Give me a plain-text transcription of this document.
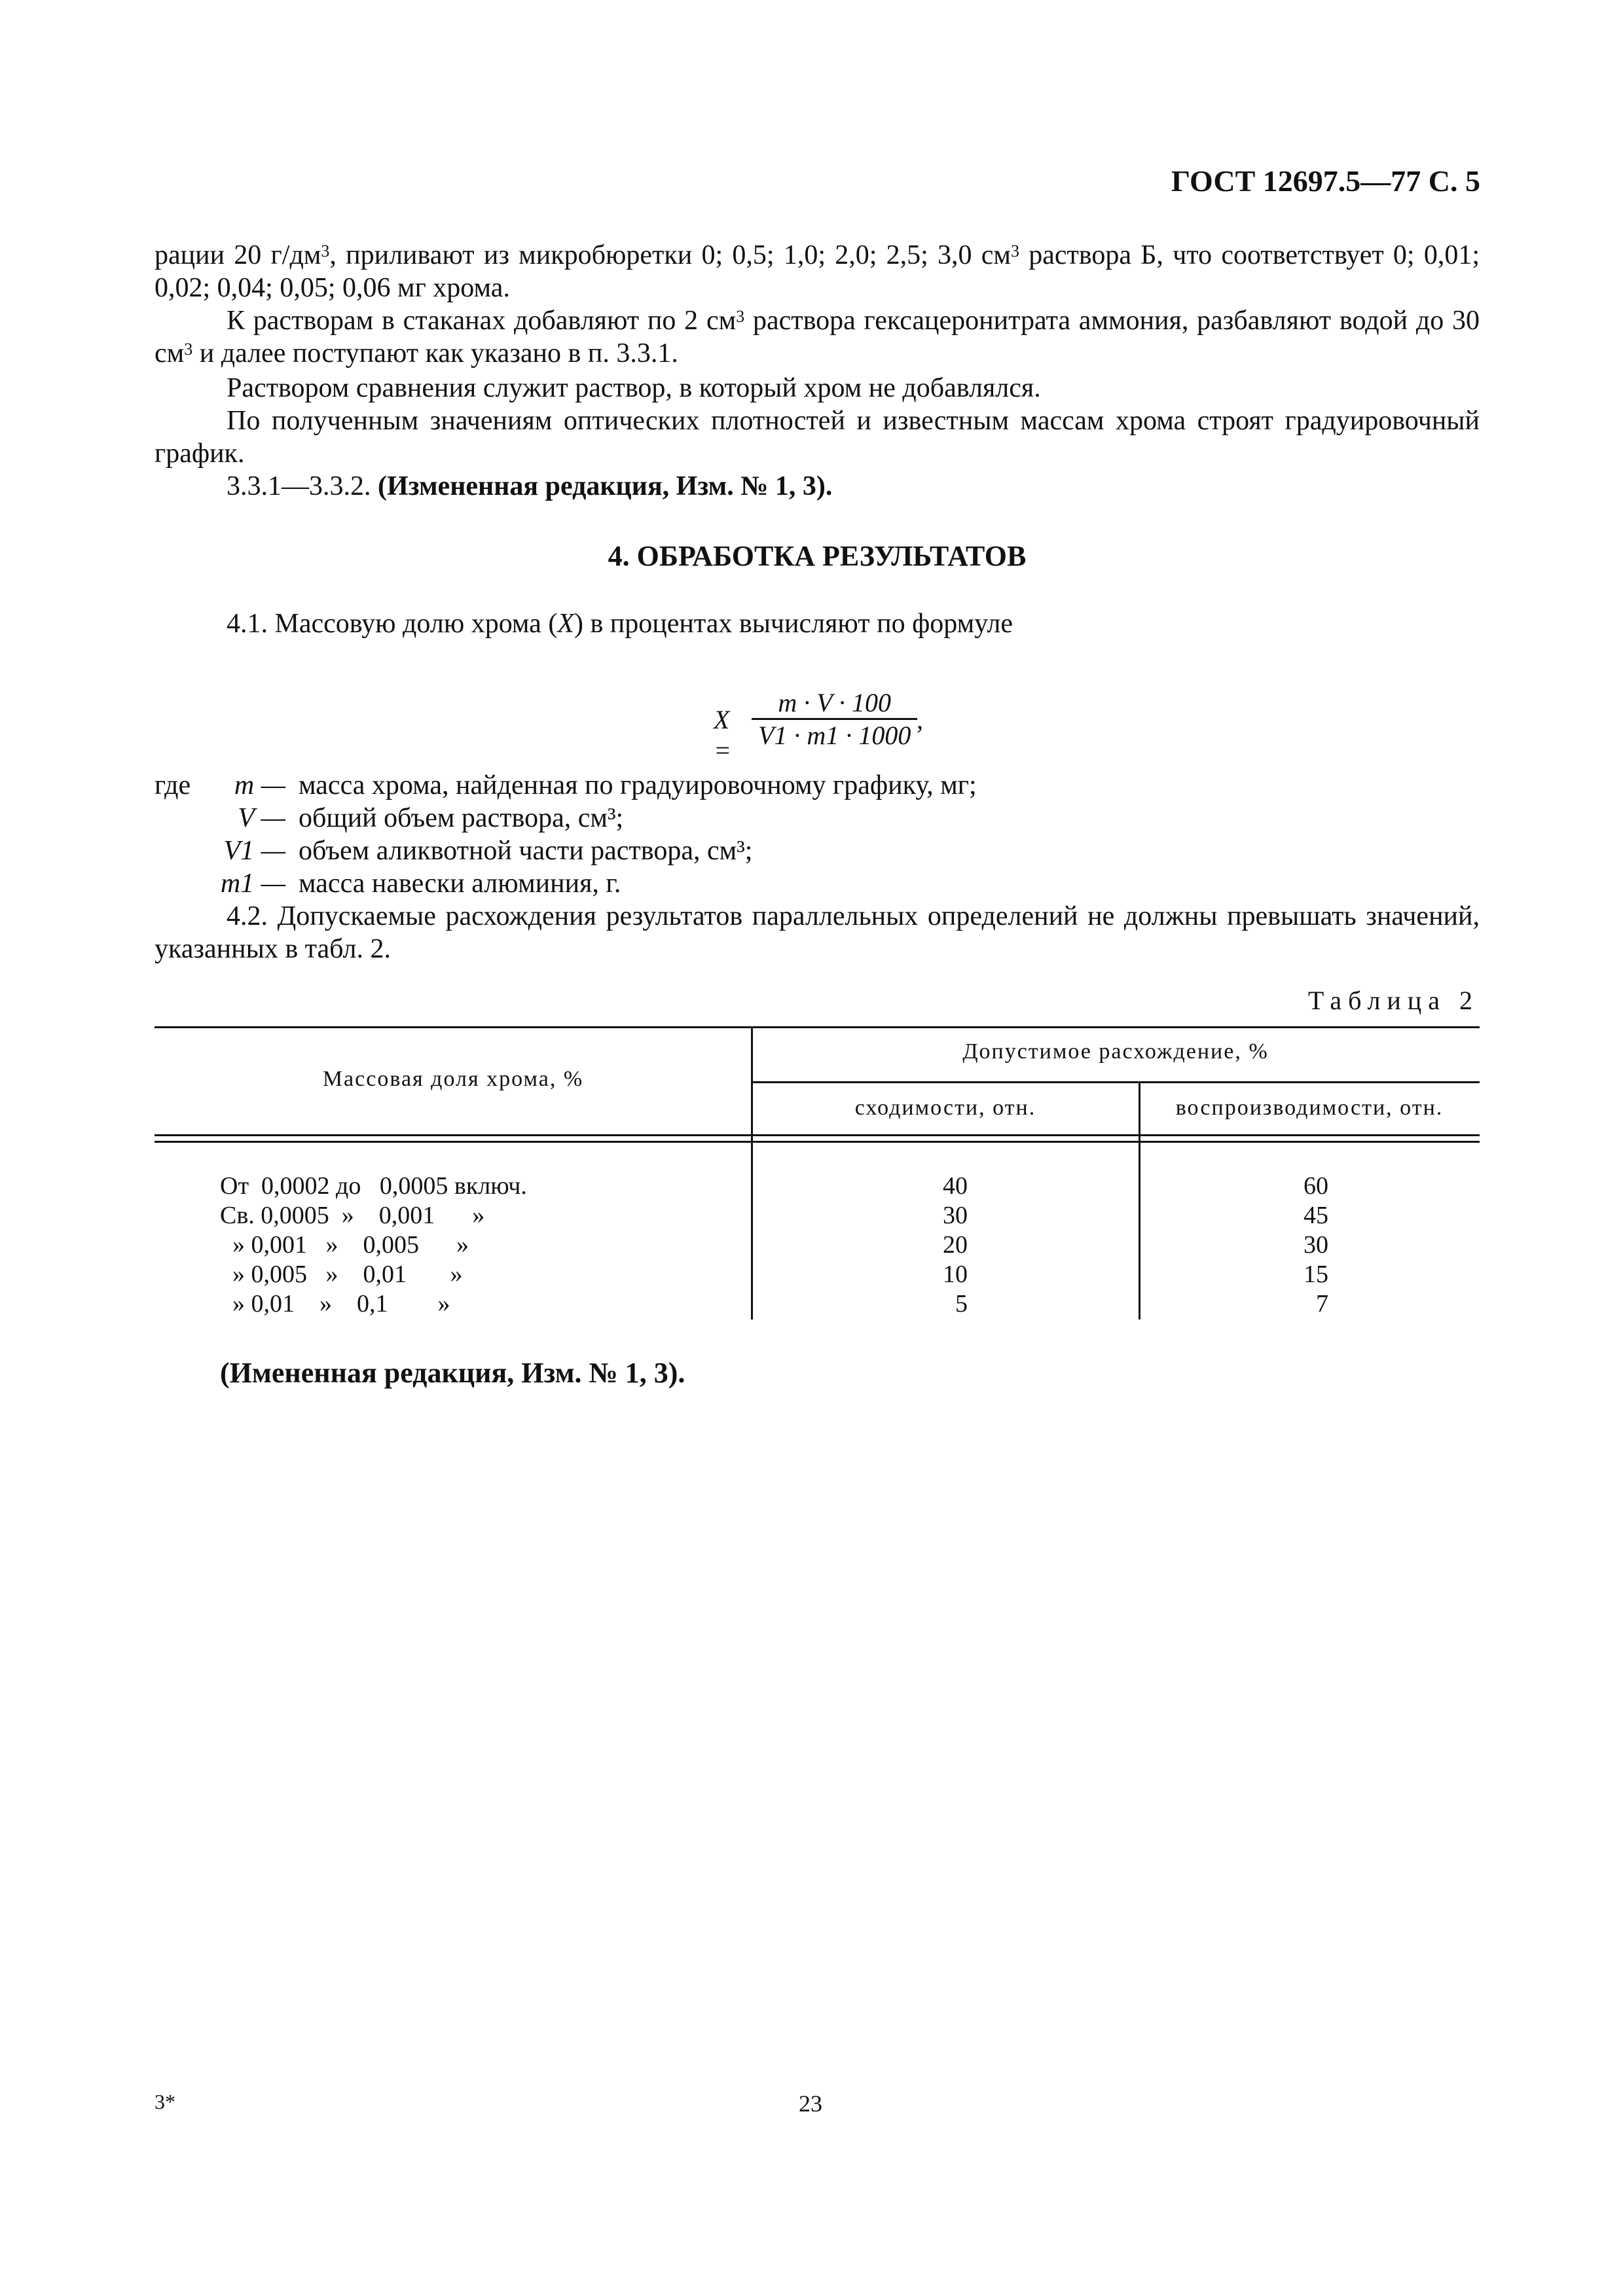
ГОСТ 12697.5—77 С. 5
рации 20 $г/дм^3$, приливают из микробюретки 0; 0,5; 1,0; 2,0; 2,5; 3,0 $см^3$ раствора Б, что соответствует 0; 0,01; 0,02; 0,04; 0,05; 0,06 мг хрома.
К растворам в стаканах добавляют по 2 $см^3$ раствора гексацеронитрата аммония, разбавляют водой до 30 $см^3$ и далее поступают как указано в п. 3.3.1.
Раствором сравнения служит раствор, в который хром не добавлялся.
По полученным значениям оптических плотностей и известным массам хрома строят градуировочный график.
3.3.1—3.3.2. (Измененная редакция, Изм. № 1, 3).
4. ОБРАБОТКА РЕЗУЛЬТАТОВ
4.1. Массовую долю хрома (X) в процентах вычисляют по формуле
$X = \frac{m \cdot V \cdot 100}{V1 \cdot m1 \cdot 1000}$
,
где	m — масса хрома, найденная по градуировочному графику, мг;
V — общий объем раствора, см³;
V1 — объем аликвотной части раствора, см³;
m1 — масса навески алюминия, г.
4.2. Допускаемые расхождения результатов параллельных определений не должны превышать значений, указанных в табл. 2.
Таблица 2
Массовая доля хрома, %
Допустимое расхождение, %
сходимости, отн.	воспроизводимости, отн.
От  0,0002 до   0,0005 включ.	40	60
Св. 0,0005  »    0,001      »	30	45
» 0,001   »    0,005      »	20	30
» 0,005   »    0,01       »	10	15
» 0,01    »    0,1        »	5	7
(Имененная редакция, Изм. № 1, 3).
3*	23
